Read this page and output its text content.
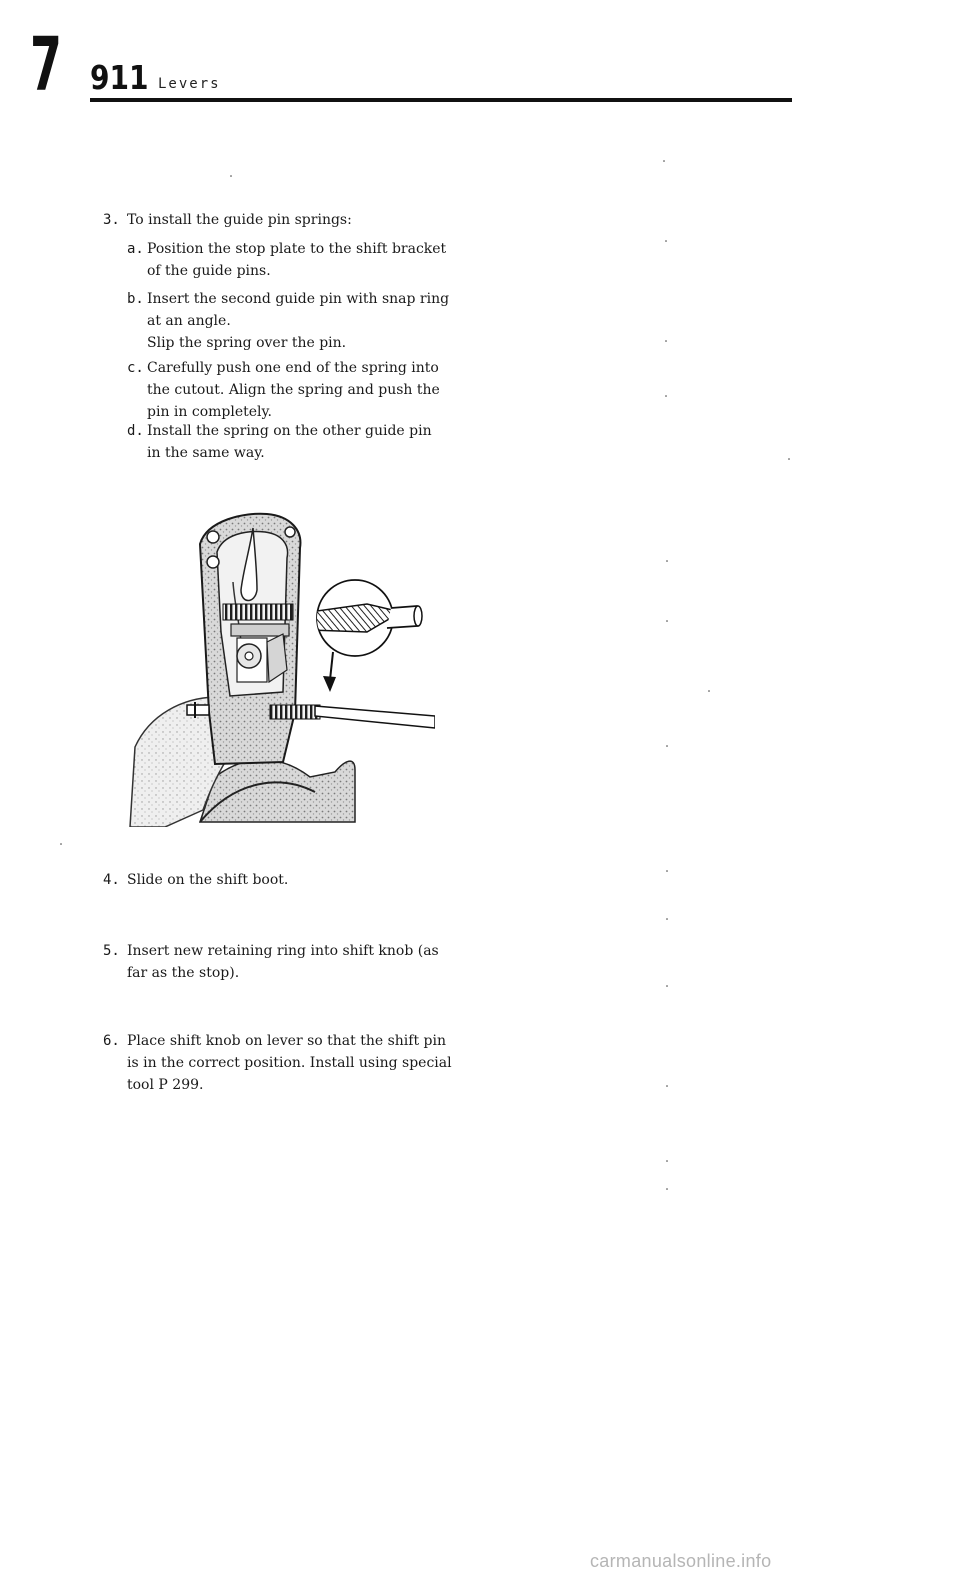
7 911 Levers
3. To install the guide pin springs:
a. Position the stop plate to the shift bracket
of the guide pins.
b. Insert the second guide pin with snap ring
at an angle.
Slip the spring over the pin.
c. Carefully push one end of the spring into
the cutout. Align the spring and push the
pin in completely.
d. Install the spring on the other guide pin
in the same way.
4. Slide on the shift boot.
5. Insert new retaining ring into shift knob (as
far as the stop).
6. Place shift knob on lever so that the shift pin
is in the correct position. Install using special
tool P 299.
carmanualsonline.info
